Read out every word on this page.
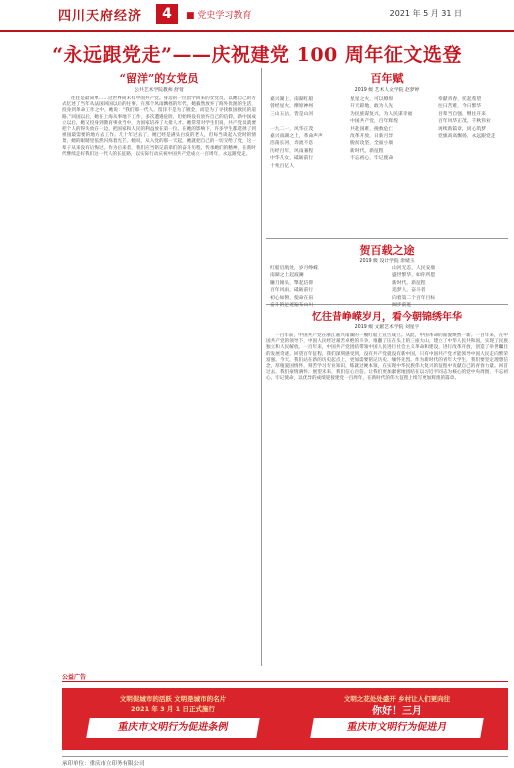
四川天府经济	4	■ 党史学习教育	2021 年 5 月 31 日
“永远跟党走”——庆祝建党 100 周年征文选登
“留洋”的女党员
公共艺术学院教师 舒莺
往往是最简单……这世界尚未有中国共产党。身边的一位留学回来的女党员，以她自己的方式忆述了当年从法国回国以后的往事。在那个风雨飘摇的年代，她毅然放弃了海外优渥的生活，投身到革命工作之中。她说：“我们那一代人，留洋不是为了镀金，而是为了寻找救国救民的道路。”回国以后，她在上海从事地下工作，多次遭遇危险，但始终没有放弃自己的信仰。新中国成立以后，她又投身到教育事业当中，为国家培养了大批人才。她常常对学生们说，共产党员就要把个人的得失放在一边，把国家和人民的利益放在第一位。在她的影响下，许多学生都选择了到祖国最需要的地方去工作。几十年过去了，她已经是满头白发的老人，但每当谈起入党时的情景，她的眼睛里依然闪烁着光芒。她说，从入党的那一天起，她就把自己的一切交给了党，这一辈子从来没有后悔过。作为后来者，我们应当铭记前辈们的奋斗历程，传承她们的精神，在新时代继续走好我们这一代人的长征路，以实际行动庆祝中国共产党成立一百周年，永远跟党走。
百年赋
2019 级 艺术人文学院 赵梦婷
嘉兴湖上，南湖红船
曾经星火，燎原神州
三山五岳，皆是山河

一九二一，风华正茂
嘉兴南湖之上，革命声声
浩荡长河，奔流不息
历经百年，风雨兼程
中华儿女，砥砺前行
十兆百亿人
星星之火，可以燎原
开天辟地，敢为人先
为民族谋复兴，为人民谋幸福
中国共产党，百年辉煌
共赴国难，挽救危亡
改革开放，日新月异
脱贫攻坚，全面小康
新时代，新征程
不忘初心，牢记使命
奉献青春，托起希望
往日苦难，今日繁华
吾辈当自强，继往开来
百年风华正茂，千秋伟业
再续新篇章，同心筑梦
党旗高高飘扬，永远跟党走
贺百载之途
2019 级 设计学院 余婧玉
红船启航处，岁月峥嵘
南湖之上起波澜
镰刀锤头，擎起信仰
百年风雨，砥砺前行
初心如磐，使命在肩
奋斗的足迹遍布山川
山河无恙，人民安康
盛世繁华，如你所愿
新时代，新征程
追梦人，奋斗者
向着第二个百年目标
阔步前进
忆往昔峥嵘岁月，看今朝锦绣年华
2019 级 文献艺术学院 刘星宇
一百年前，中国共产党在浙江嘉兴南湖的一艘红船上宣告成立。从此，中国革命的面貌焕然一新。一百年来，在中国共产党的领导下，中国人民经过艰苦卓绝的斗争，推翻了压在头上的三座大山，建立了中华人民共和国，实现了民族独立和人民解放。一百年来，中国共产党团结带领中国人民进行社会主义革命和建设，进行改革开放，创造了举世瞩目的发展奇迹。回望百年征程，我们深刻感受到，没有共产党就没有新中国，只有中国共产党才能领导中国人民走向繁荣富强。今天，我们站在新的历史起点上，更加需要铭记历史、缅怀先烈。作为新时代的青年大学生，我们要坚定理想信念，厚植爱国情怀，刻苦学习专业知识，练就过硬本领，在实现中华民族伟大复兴的征程中贡献自己的青春力量。回首过去，我们豪情满怀；展望未来，我们信心百倍。让我们更加紧密地团结在以习近平同志为核心的党中央周围，不忘初心、牢记使命，以优异的成绩迎接建党一百周年，在新时代的伟大征程上续写更加辉煌的篇章。
公益广告
文明促城市的活跃 文明是城市的名片
2021 年 3 月 1 日正式施行
重庆市文明行为促进条例
文明之花处处盛开 乡村让人们更向往
你好！三月
重庆市文明行为促进月
承印单位：重庆市立印务有限公司
